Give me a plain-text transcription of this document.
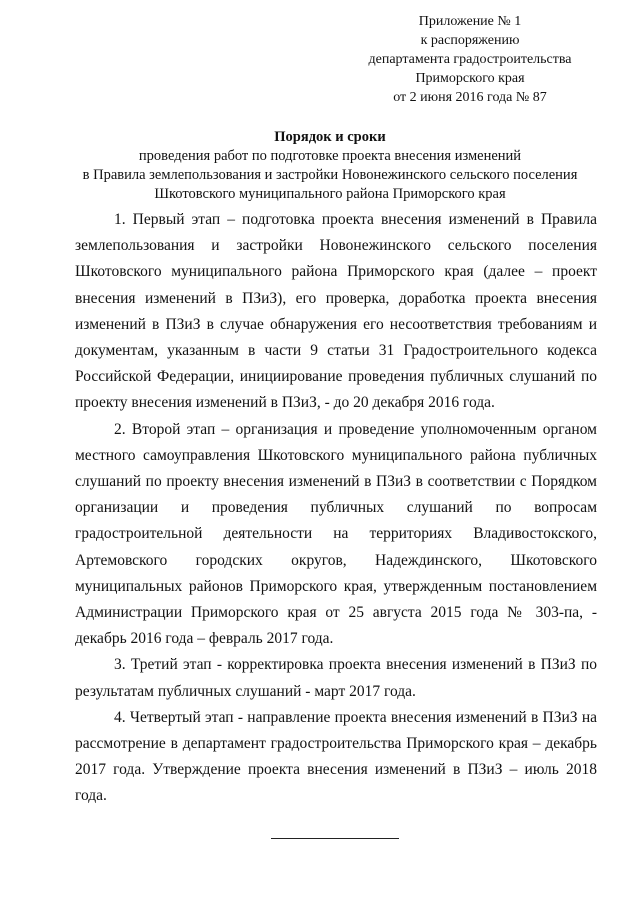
Приложение № 1
к распоряжению
департамента градостроительства
Приморского края
от 2 июня 2016 года № 87
Порядок и сроки
проведения работ по подготовке проекта внесения изменений
в Правила землепользования и застройки Новонежинского сельского поселения
Шкотовского муниципального района Приморского края

1. Первый этап – подготовка проекта внесения изменений в Правила землепользования и застройки Новонежинского сельского поселения Шкотовского муниципального района Приморского края (далее – проект внесения изменений в ПЗиЗ), его проверка, доработка проекта внесения изменений в ПЗиЗ в случае обнаружения его несоответствия требованиям и документам, указанным в части 9 статьи 31 Градостроительного кодекса Российской Федерации, инициирование проведения публичных слушаний по проекту внесения изменений в ПЗиЗ, - до 20 декабря 2016 года.

2. Второй этап – организация и проведение уполномоченным органом местного самоуправления Шкотовского муниципального района публичных слушаний по проекту внесения изменений в ПЗиЗ в соответствии с Порядком организации и проведения публичных слушаний по вопросам градостроительной деятельности на территориях Владивостокского, Артемовского городских округов, Надеждинского, Шкотовского муниципальных районов Приморского края, утвержденным постановлением Администрации Приморского края от 25 августа 2015 года № 303-па, - декабрь 2016 года – февраль 2017 года.

3. Третий этап - корректировка проекта внесения изменений в ПЗиЗ по результатам публичных слушаний - март 2017 года.

4. Четвертый этап - направление проекта внесения изменений в ПЗиЗ на рассмотрение в департамент градостроительства Приморского края – декабрь 2017 года. Утверждение проекта внесения изменений в ПЗиЗ – июль 2018 года.
